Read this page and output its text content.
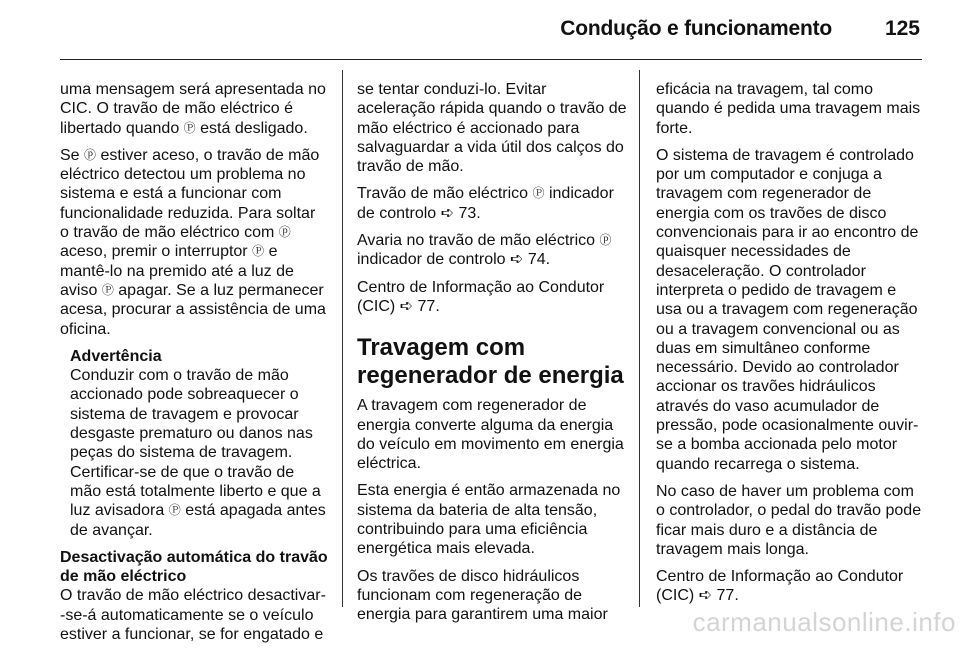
Condução e funcionamento	125

uma mensagem será apresentada no CIC. O travão de mão eléctrico é libertado quando Ⓟ está desligado.

Se ⓟ estiver aceso, o travão de mão eléctrico detectou um problema no sistema e está a funcionar com funcionalidade reduzida. Para soltar o travão de mão eléctrico com ⓟ aceso, premir o interruptor Ⓟ e mantê-lo na premido até a luz de aviso Ⓟ apagar. Se a luz permanecer acesa, procurar a assistência de uma oficina.

Advertência
Conduzir com o travão de mão accionado pode sobreaquecer o sistema de travagem e provocar desgaste prematuro ou danos nas peças do sistema de travagem. Certificar-se de que o travão de mão está totalmente liberto e que a luz avisadora Ⓟ está apagada antes de avançar.
Desactivação automática do travão de mão eléctrico

O travão de mão eléctrico desactivar--se-á automaticamente se o veículo estiver a funcionar, se for engatado e

se tentar conduzi-lo. Evitar aceleração rápida quando o travão de mão eléctrico é accionado para salvaguardar a vida útil dos calços do travão de mão.

Travão de mão eléctrico Ⓟ indicador de controlo ➪ 73.

Avaria no travão de mão eléctrico ⓟ indicador de controlo ➪ 74.

Centro de Informação ao Condutor (CIC) ➪ 77.

Travagem com regenerador de energia

A travagem com regenerador de energia converte alguma da energia do veículo em movimento em energia eléctrica.

Esta energia é então armazenada no sistema da bateria de alta tensão, contribuindo para uma eficiência energética mais elevada.

Os travões de disco hidráulicos funcionam com regeneração de energia para garantirem uma maior

eficácia na travagem, tal como quando é pedida uma travagem mais forte.

O sistema de travagem é controlado por um computador e conjuga a travagem com regenerador de energia com os travões de disco convencionais para ir ao encontro de quaisquer necessidades de desaceleração. O controlador interpreta o pedido de travagem e usa ou a travagem com regeneração ou a travagem convencional ou as duas em simultâneo conforme necessário. Devido ao controlador accionar os travões hidráulicos através do vaso acumulador de pressão, pode ocasionalmente ouvir-se a bomba accionada pelo motor quando recarrega o sistema.

No caso de haver um problema com o controlador, o pedal do travão pode ficar mais duro e a distância de travagem mais longa.

Centro de Informação ao Condutor (CIC) ➪ 77.

carmanualsonline.info
